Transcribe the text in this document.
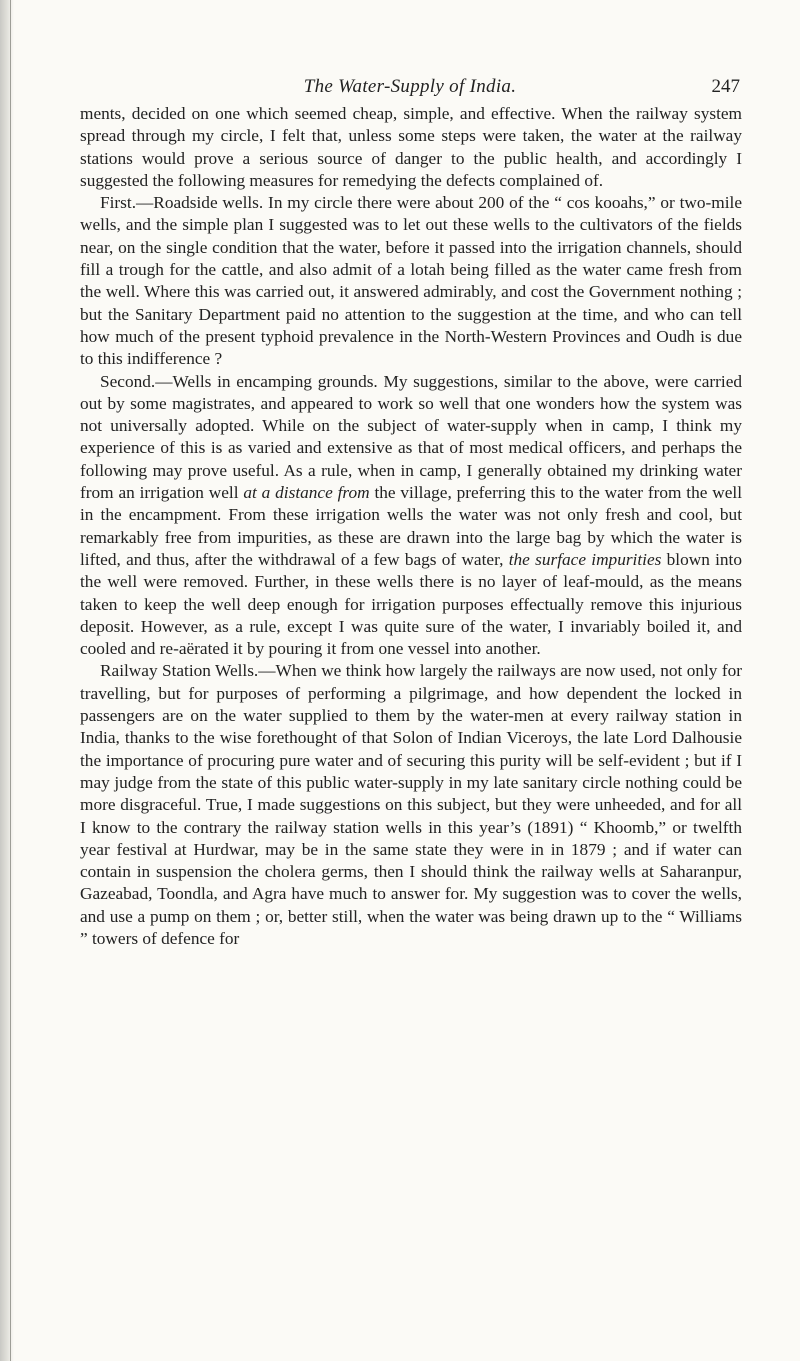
The Water-Supply of India.	247

ments, decided on one which seemed cheap, simple, and effective. When the railway system spread through my circle, I felt that, unless some steps were taken, the water at the railway stations would prove a serious source of danger to the public health, and accordingly I suggested the following measures for remedying the defects complained of.

First.—Roadside wells. In my circle there were about 200 of the “ cos kooahs,” or two-mile wells, and the simple plan I suggested was to let out these wells to the cultivators of the fields near, on the single condition that the water, before it passed into the irrigation channels, should fill a trough for the cattle, and also admit of a lotah being filled as the water came fresh from the well. Where this was carried out, it answered admirably, and cost the Government nothing ; but the Sanitary Department paid no attention to the suggestion at the time, and who can tell how much of the present typhoid prevalence in the North-Western Provinces and Oudh is due to this indifference ?

Second.—Wells in encamping grounds. My suggestions, similar to the above, were carried out by some magistrates, and appeared to work so well that one wonders how the system was not universally adopted. While on the subject of water-supply when in camp, I think my experience of this is as varied and extensive as that of most medical officers, and perhaps the following may prove useful. As a rule, when in camp, I generally obtained my drinking water from an irrigation well at a distance from the village, preferring this to the water from the well in the encampment. From these irrigation wells the water was not only fresh and cool, but remarkably free from impurities, as these are drawn into the large bag by which the water is lifted, and thus, after the withdrawal of a few bags of water, the surface impurities blown into the well were removed. Further, in these wells there is no layer of leaf-mould, as the means taken to keep the well deep enough for irrigation purposes effectually remove this injurious deposit. However, as a rule, except I was quite sure of the water, I invariably boiled it, and cooled and re-aërated it by pouring it from one vessel into another.

Railway Station Wells.—When we think how largely the railways are now used, not only for travelling, but for purposes of performing a pilgrimage, and how dependent the locked in passengers are on the water supplied to them by the water-men at every railway station in India, thanks to the wise forethought of that Solon of Indian Viceroys, the late Lord Dalhousie the importance of procuring pure water and of securing this purity will be self-evident ; but if I may judge from the state of this public water-supply in my late sanitary circle nothing could be more disgraceful. True, I made suggestions on this subject, but they were unheeded, and for all I know to the contrary the railway station wells in this year’s (1891) “ Khoomb,” or twelfth year festival at Hurdwar, may be in the same state they were in in 1879 ; and if water can contain in suspension the cholera germs, then I should think the railway wells at Saharanpur, Gazeabad, Toondla, and Agra have much to answer for. My suggestion was to cover the wells, and use a pump on them ; or, better still, when the water was being drawn up to the “ Williams ” towers of defence for
